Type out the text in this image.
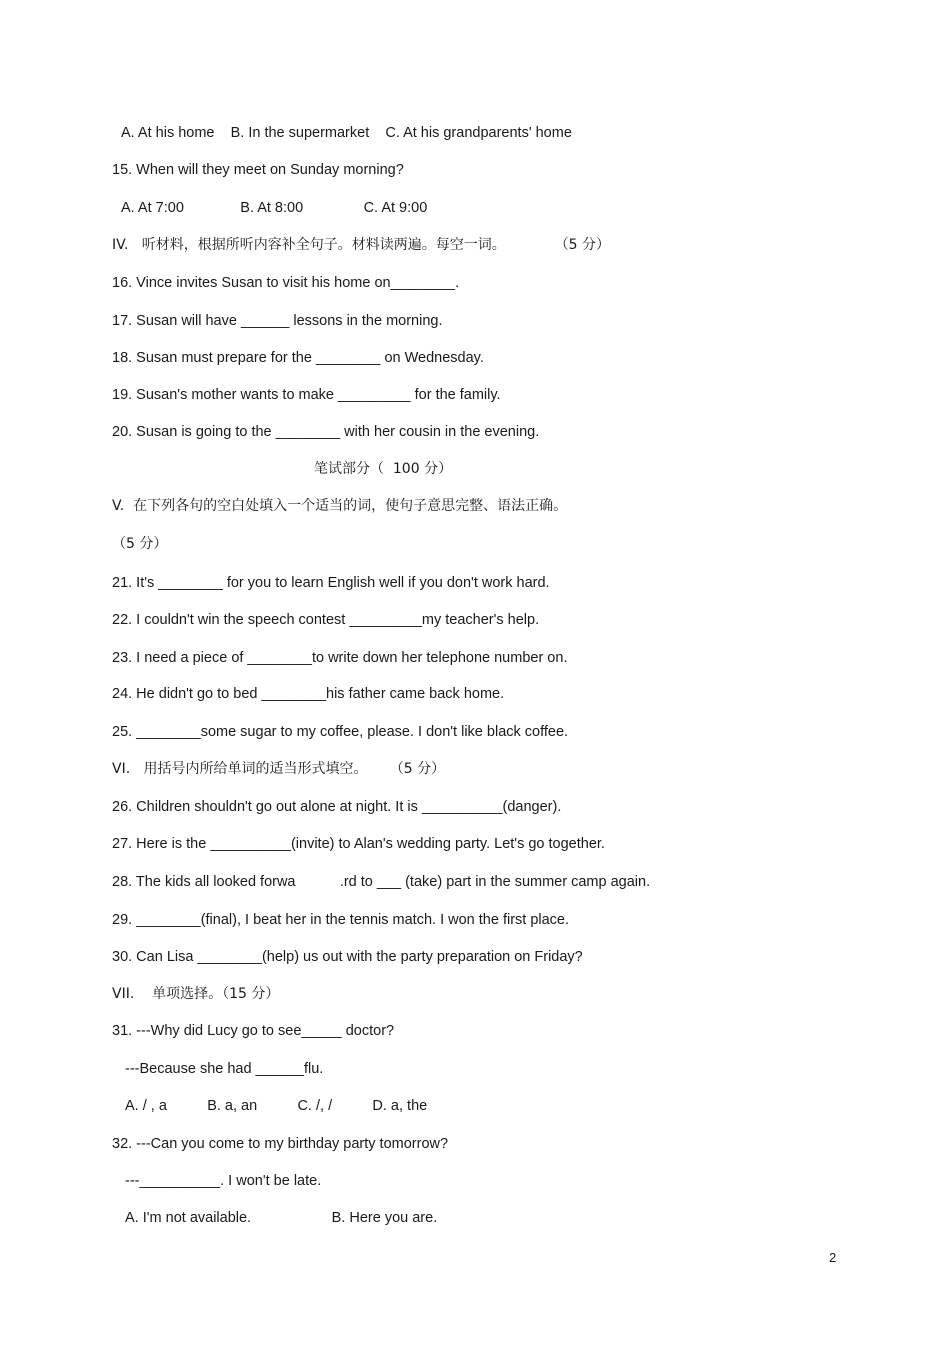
A. At his home    B. In the supermarket    C. At his grandparents' home
15. When will they meet on Sunday morning?
A. At 7:00              B. At 8:00               C. At 9:00
IV.   听材料，根据所听内容补全句子。材料读两遍。每空一词。           （5 分）
16. Vince invites Susan to visit his home on________.
17. Susan will have ______ lessons in the morning.
18. Susan must prepare for the ________ on Wednesday.
19. Susan's mother wants to make _________ for the family.
20. Susan is going to the ________ with her cousin in the evening.
笔试部分（  100 分）
V.  在下列各句的空白处填入一个适当的词，使句子意思完整、语法正确。
（5 分）
21. It's ________ for you to learn English well if you don't work hard.
22. I couldn't win the speech contest _________my teacher's help.
23. I need a piece of ________to write down her telephone number on.
24. He didn't go to bed ________his father came back home.
25. ________some sugar to my coffee, please. I don't like black coffee.
VI.   用括号内所给单词的适当形式填空。     （5 分）
26. Children shouldn't go out alone at night. It is __________(danger).
27. Here is the __________(invite) to Alan's wedding party. Let's go together.
28. The kids all looked forwa           .rd to ___ (take) part in the summer camp again.
29. ________(final), I beat her in the tennis match. I won the first place.
30. Can Lisa ________(help) us out with the party preparation on Friday?
VII.    单项选择。（15 分）
31. ---Why did Lucy go to see_____ doctor?
---Because she had ______flu.
A. / , a          B. a, an          C. /, /          D. a, the
32. ---Can you come to my birthday party tomorrow?
---__________. I won't be late.
A. I'm not available.                    B. Here you are.
2
